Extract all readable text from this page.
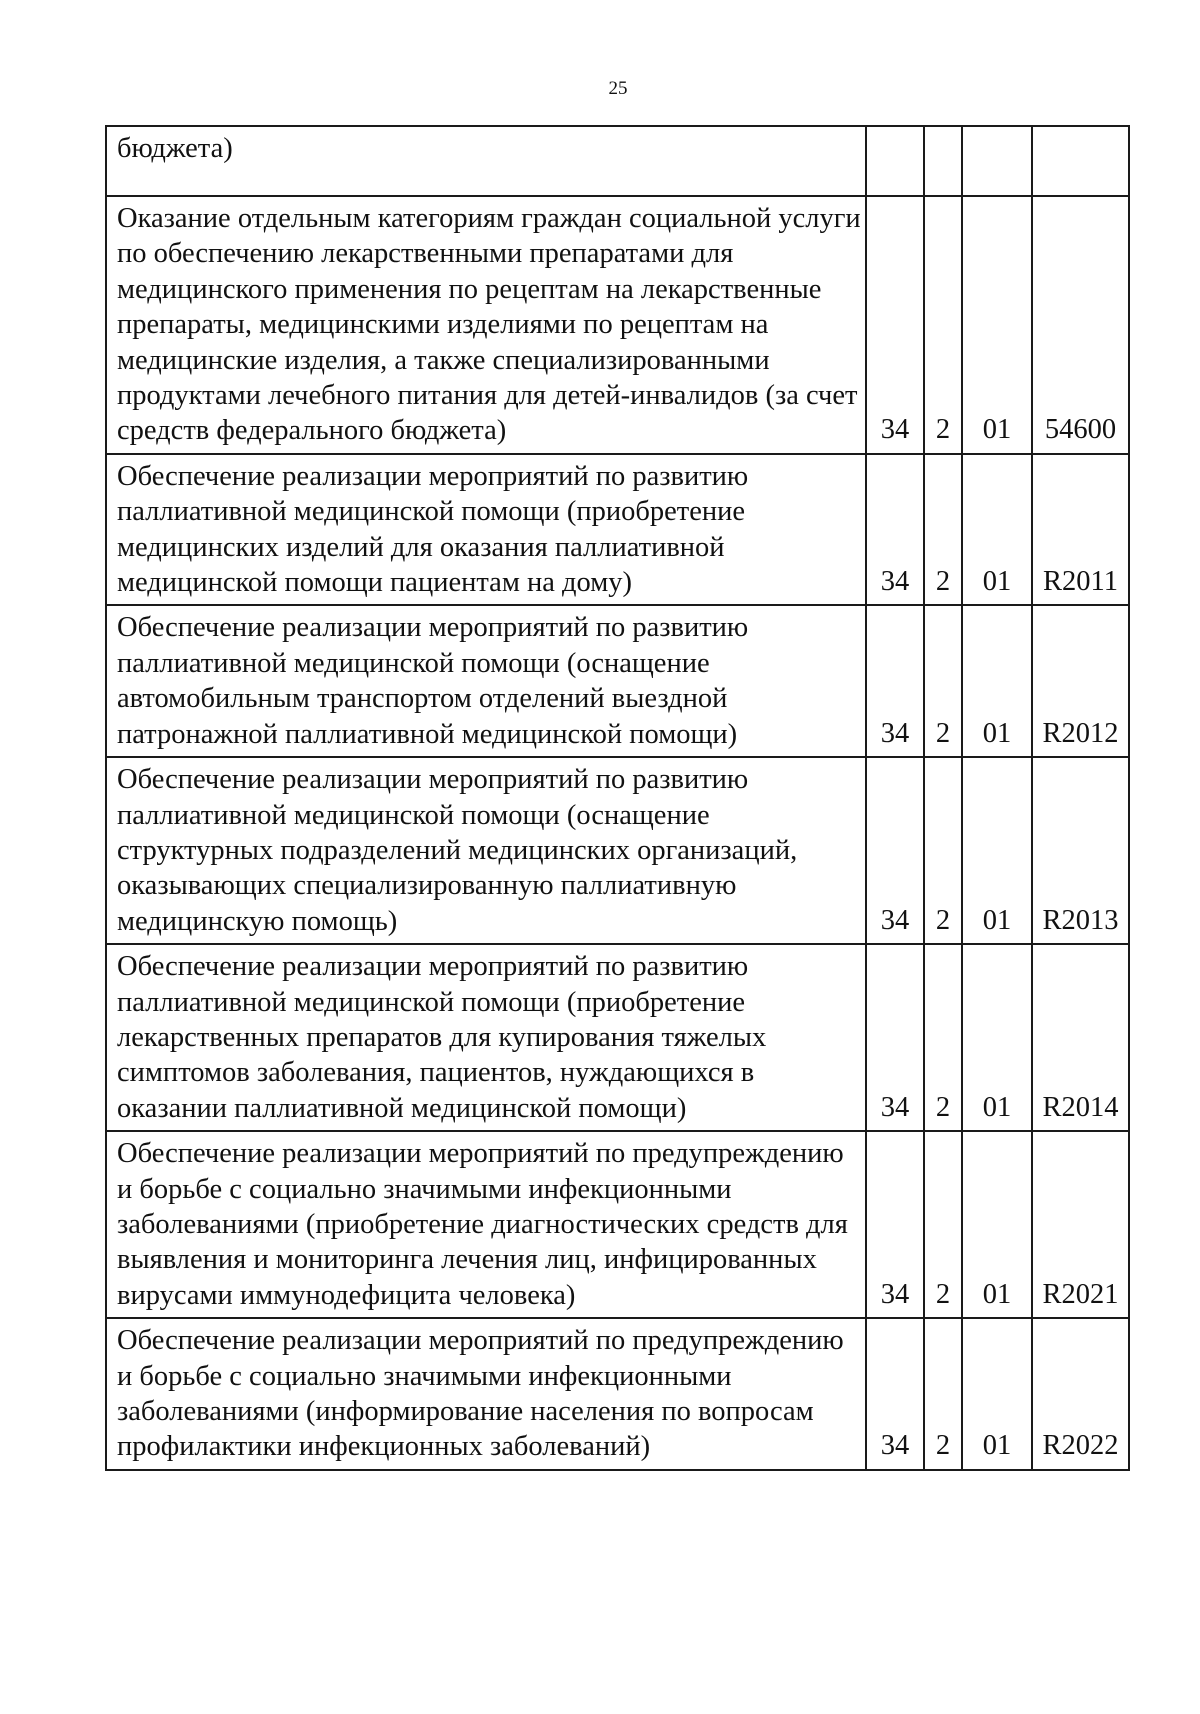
25
бюджета)				
Оказание отдельным категориям граждан социальной услуги по обеспечению лекарственными препаратами для медицинского применения по рецептам на лекарственные препараты, медицинскими изделиями по рецептам на медицинские изделия, а также специализированными продуктами лечебного питания для детей-инвалидов (за счет средств федерального бюджета)	34	2	01	54600
Обеспечение реализации мероприятий по развитию паллиативной медицинской помощи (приобретение медицинских изделий для оказания паллиативной медицинской помощи пациентам на дому)	34	2	01	R2011
Обеспечение реализации мероприятий по развитию паллиативной медицинской помощи (оснащение автомобильным транспортом отделений выездной патронажной паллиативной медицинской помощи)	34	2	01	R2012
Обеспечение реализации мероприятий по развитию паллиативной медицинской помощи (оснащение структурных подразделений медицинских организаций, оказывающих специализированную паллиативную медицинскую помощь)	34	2	01	R2013
Обеспечение реализации мероприятий по развитию паллиативной медицинской помощи (приобретение лекарственных препаратов для купирования тяжелых симптомов заболевания, пациентов, нуждающихся в оказании паллиативной медицинской помощи)	34	2	01	R2014
Обеспечение реализации мероприятий по предупреждению и борьбе с социально значимыми инфекционными заболеваниями (приобретение диагностических средств для выявления и мониторинга лечения лиц, инфицированных вирусами иммунодефицита человека)	34	2	01	R2021
Обеспечение реализации мероприятий по предупреждению и борьбе с социально значимыми инфекционными заболеваниями (информирование населения по вопросам профилактики инфекционных заболеваний)	34	2	01	R2022
